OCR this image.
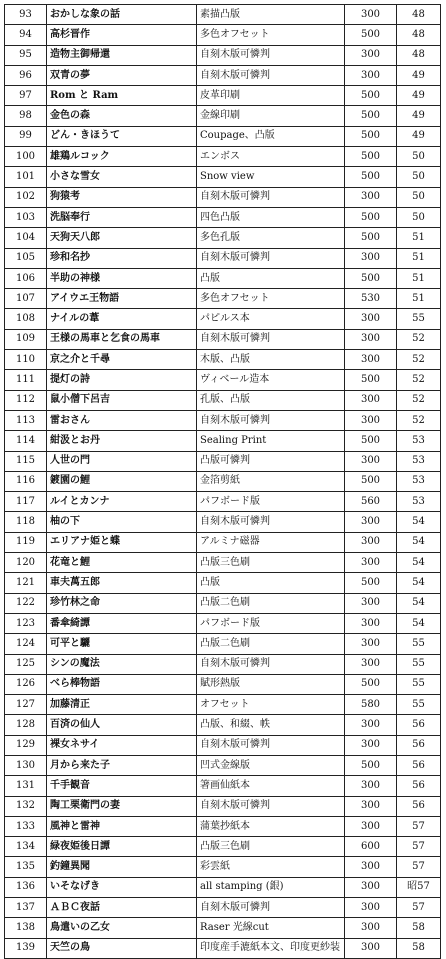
93	おかしな象の話	素描凸版	300	48
94	高杉晋作	多色オフセット	500	48
95	造物主御帰還	自刻木版可憐判	300	48
96	双青の夢	自刻木版可憐判	300	49
97	Rom と Ram	皮革印刷	500	49
98	金色の森	金線印刷	500	49
99	どん・きほうて	Coupage、凸版	500	49
100	雄鶏ルコック	エンボス	500	50
101	小さな雪女	Snow view	500	50
102	狗猿考	自刻木版可憐判	300	50
103	洗脳奉行	四色凸版	500	50
104	天狗天八郎	多色孔版	500	51
105	珍和名抄	自刻木版可憐判	300	51
106	半助の神様	凸版	500	51
107	アイウエ王物語	多色オフセット	530	51
108	ナイルの葦	パピルス本	300	55
109	王様の馬車と乞食の馬車	自刻木版可憐判	300	52
110	京之介と千尋	木版、凸版	300	52
111	提灯の詩	ヴィベール造本	500	52
112	鼠小僧下呂吉	孔版、凸版	300	52
113	雷おさん	自刻木版可憐判	300	52
114	紺汲とお丹	Sealing Print	500	53
115	人世の門	凸版可憐判	300	53
116	鍍園の鯉	金箔剪紙	500	53
117	ルイとカンナ	パフボード版	560	53
118	柚の下	自刻木版可憐判	300	54
119	エリアナ姫と蝶	アルミナ磁器	300	54
120	花竜と鯉	凸版三色刷	300	54
121	車夫萬五郎	凸版	500	54
122	珍竹林之命	凸版二色刷	300	54
123	番傘綺譚	パフボード版	300	54
124	可平と驪	凸版二色刷	300	55
125	シンの魔法	自刻木版可憐判	300	55
126	べら棒物語	賦形熱版	500	55
127	加藤清正	オフセット	580	55
128	百済の仙人	凸版、和綴、帙	300	56
129	裸女ネサイ	自刻木版可憐判	300	56
130	月から来た子	凹式金線版	500	56
131	千手観音	箸画仙紙本	300	56
132	陶工栗衛門の妻	自刻木版可憐判	300	56
133	風神と雷神	蒲葉抄紙本	300	57
134	緑夜姫後日譚	凸版三色刷	600	57
135	釣鐘異聞	彩雲紙	300	57
136	いそなげき	all stamping (銀)	300	昭57
137	ＡＢＣ夜話	自刻木版可憐判	300	57
138	鳥遣いの乙女	Raser 光線cut	300	58
139	天竺の鳥	印度産手漉紙本文、印度更紗装	300	58
